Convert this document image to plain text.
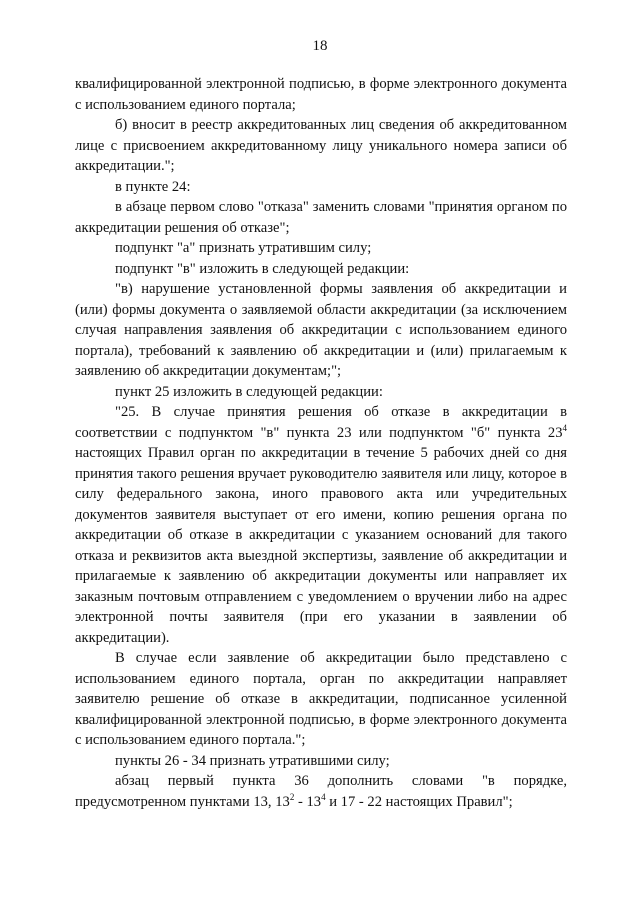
18

квалифицированной электронной подписью, в форме электронного документа с использованием единого портала;

б) вносит в реестр аккредитованных лиц сведения об аккредитованном лице с присвоением аккредитованному лицу уникального номера записи об аккредитации.";

в пункте 24:

в абзаце первом слово "отказа" заменить словами "принятия органом по аккредитации решения об отказе";

подпункт "а" признать утратившим силу;

подпункт "в" изложить в следующей редакции:

"в) нарушение установленной формы заявления об аккредитации и (или) формы документа о заявляемой области аккредитации (за исключением случая направления заявления об аккредитации с использованием единого портала), требований к заявлению об аккредитации и (или) прилагаемым к заявлению об аккредитации документам;";

пункт 25 изложить в следующей редакции:

"25. В случае принятия решения об отказе в аккредитации в соответствии с подпунктом "в" пункта 23 или подпунктом "б" пункта $23^4$ настоящих Правил орган по аккредитации в течение 5 рабочих дней со дня принятия такого решения вручает руководителю заявителя или лицу, которое в силу федерального закона, иного правового акта или учредительных документов заявителя выступает от его имени, копию решения органа по аккредитации об отказе в аккредитации с указанием оснований для такого отказа и реквизитов акта выездной экспертизы, заявление об аккредитации и прилагаемые к заявлению об аккредитации документы или направляет их заказным почтовым отправлением с уведомлением о вручении либо на адрес электронной почты заявителя (при его указании в заявлении об аккредитации).

В случае если заявление об аккредитации было представлено с использованием единого портала, орган по аккредитации направляет заявителю решение об отказе в аккредитации, подписанное усиленной квалифицированной электронной подписью, в форме электронного документа с использованием единого портала.";

пункты 26 - 34 признать утратившими силу;

абзац первый пункта 36 дополнить словами "в порядке, предусмотренном пунктами 13, $13^2 - 13^4$ и 17 - 22 настоящих Правил";
